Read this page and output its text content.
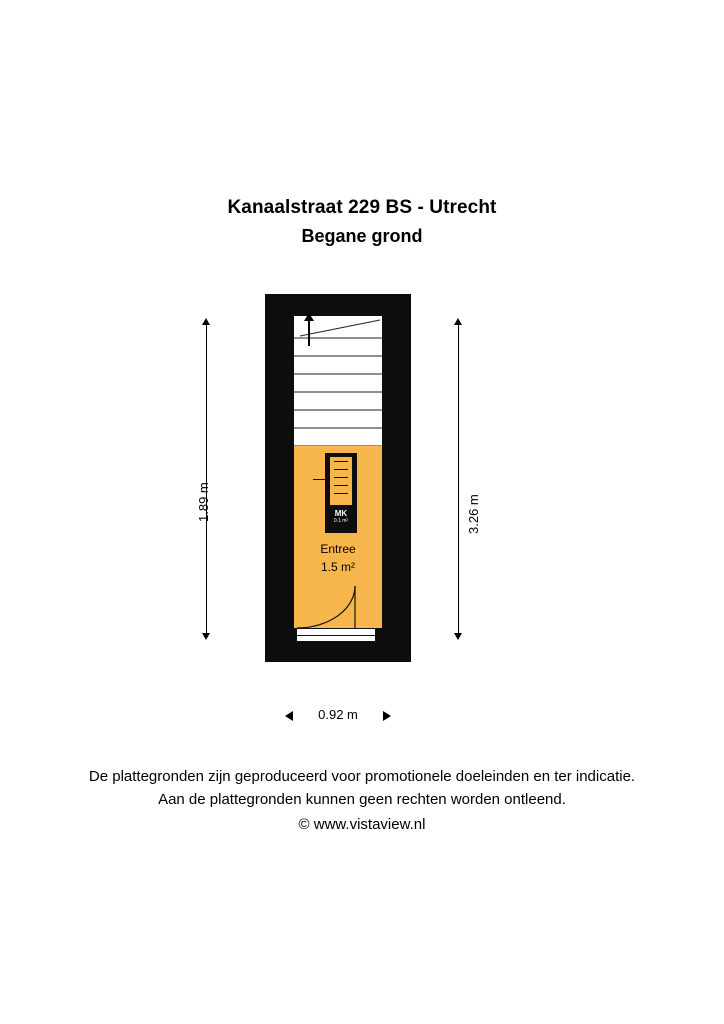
Kanaalstraat 229 BS - Utrecht
Begane grond
MK
0.1 m²
Entree
1.5 m²
1.89 m	3.26 m
0.92 m
De plattegronden zijn geproduceerd voor promotionele doeleinden en ter indicatie.
Aan de plattegronden kunnen geen rechten worden ontleend.
© www.vistaview.nl
